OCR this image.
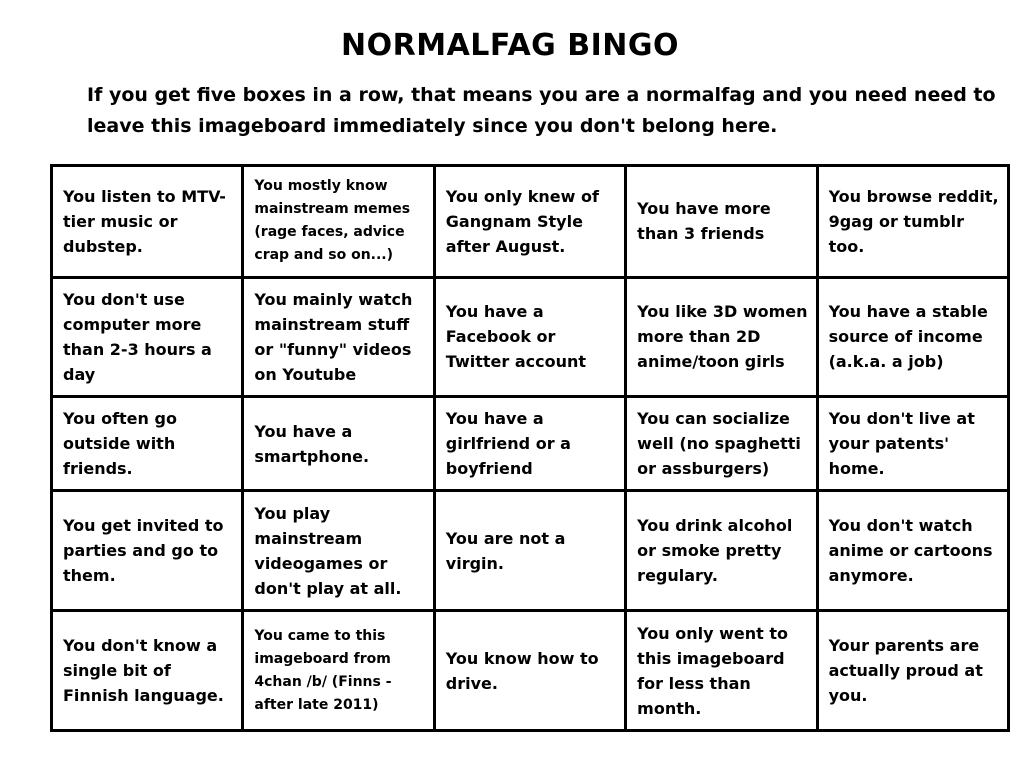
NORMALFAG BINGO
If you get five boxes in a row, that means you are a normalfag and you need need to leave this imageboard immediately since you don't belong here.
You listen to MTV-tier music or dubstep.	You mostly know mainstream memes (rage faces, advice crap and so on...)	You only knew of Gangnam Style after August.	You have more than 3 friends	You browse reddit, 9gag or tumblr too.
You don't use computer more than 2-3 hours a day	You mainly watch mainstream stuff or "funny" videos on Youtube	You have a Facebook or Twitter account	You like 3D women more than 2D anime/toon girls	You have a stable source of income (a.k.a. a job)
You often go outside with friends.	You have a smartphone.	You have a girlfriend or a boyfriend	You can socialize well (no spaghetti or assburgers)	You don't live at your patents' home.
You get invited to parties and go to them.	You play mainstream videogames or don't play at all.	You are not a virgin.	You drink alcohol or smoke pretty regulary.	You don't watch anime or cartoons anymore.
You don't know a single bit of Finnish language.	You came to this imageboard from 4chan /b/ (Finns - after late 2011)	You know how to drive.	You only went to this imageboard for less than month.	Your parents are actually proud at you.
